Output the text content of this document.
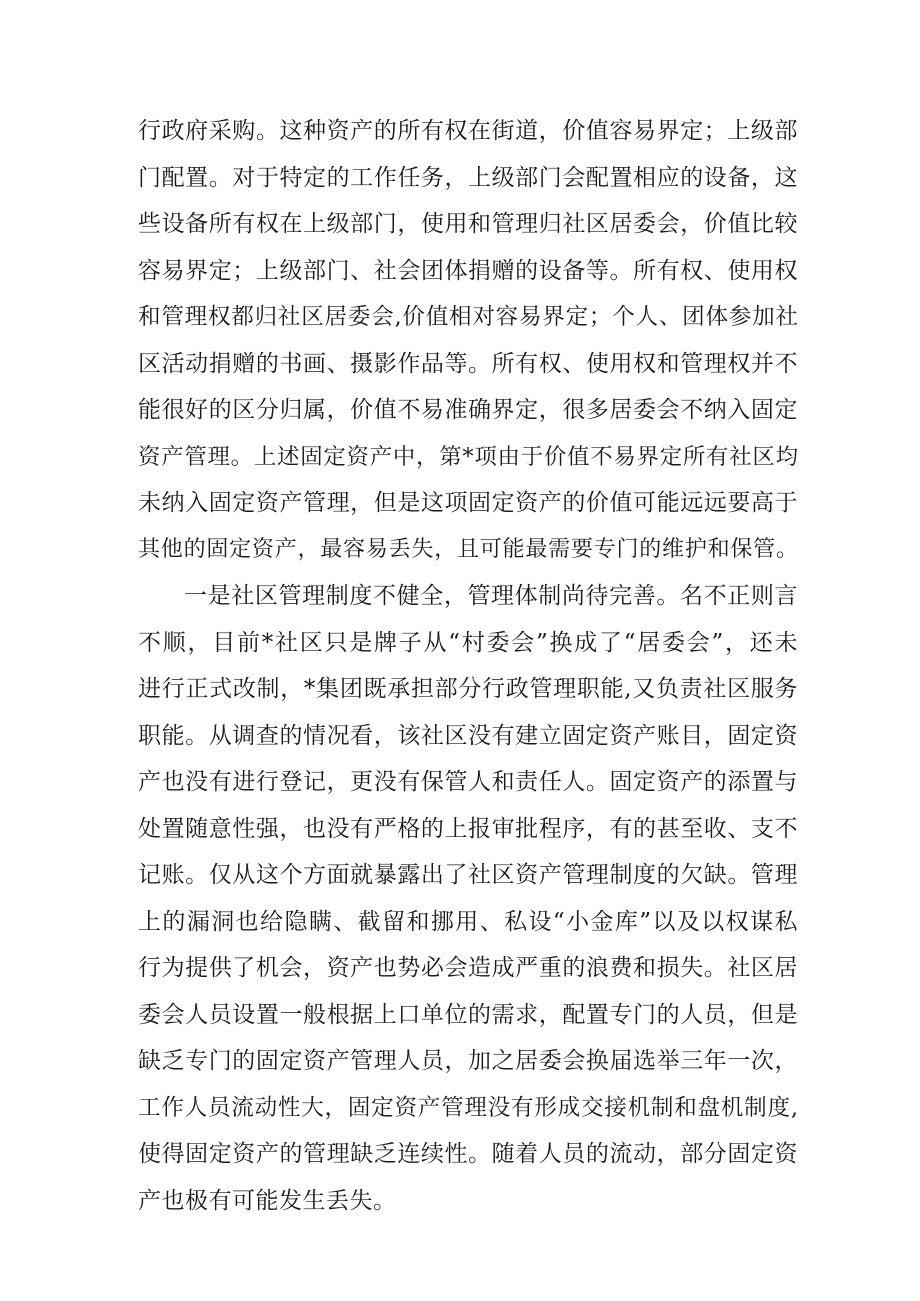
行政府采购。这种资产的所有权在街道，价值容易界定；上级部
门配置。对于特定的工作任务，上级部门会配置相应的设备，这
些设备所有权在上级部门，使用和管理归社区居委会，价值比较
容易界定；上级部门、社会团体捐赠的设备等。所有权、使用权
和管理权都归社区居委会,价值相对容易界定；个人、团体参加社
区活动捐赠的书画、摄影作品等。所有权、使用权和管理权并不
能很好的区分归属，价值不易准确界定，很多居委会不纳入固定
资产管理。上述固定资产中，第*项由于价值不易界定所有社区均
未纳入固定资产管理，但是这项固定资产的价值可能远远要高于
其他的固定资产，最容易丢失，且可能最需要专门的维护和保管。
一是社区管理制度不健全，管理体制尚待完善。名不正则言
不顺，目前*社区只是牌子从“村委会”换成了“居委会”，还未
进行正式改制，*集团既承担部分行政管理职能,又负责社区服务
职能。从调查的情况看，该社区没有建立固定资产账目，固定资
产也没有进行登记，更没有保管人和责任人。固定资产的添置与
处置随意性强，也没有严格的上报审批程序，有的甚至收、支不
记账。仅从这个方面就暴露出了社区资产管理制度的欠缺。管理
上的漏洞也给隐瞒、截留和挪用、私设“小金库”以及以权谋私
行为提供了机会，资产也势必会造成严重的浪费和损失。社区居
委会人员设置一般根据上口单位的需求，配置专门的人员，但是
缺乏专门的固定资产管理人员，加之居委会换届选举三年一次，
工作人员流动性大，固定资产管理没有形成交接机制和盘机制度,
使得固定资产的管理缺乏连续性。随着人员的流动，部分固定资
产也极有可能发生丢失。
